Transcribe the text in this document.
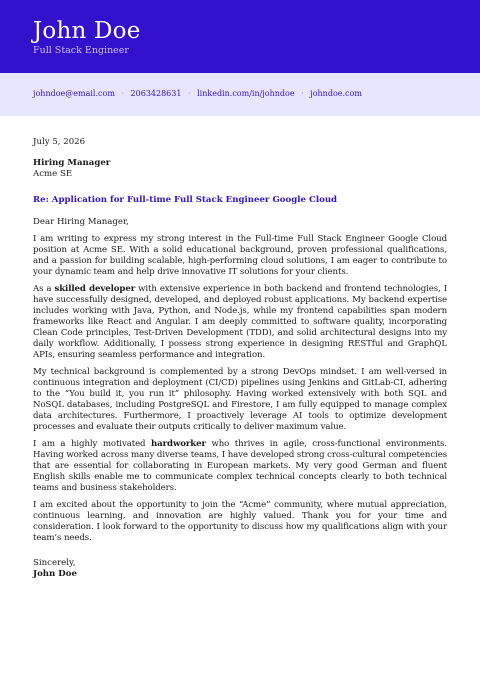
John Doe
Full Stack Engineer
johndoe@email.com · 2063428631 · linkedin.com/in/johndoe · johndoe.com
July 5, 2026
Hiring Manager
Acme SE
Re: Application for Full-time Full Stack Engineer Google Cloud
Dear Hiring Manager,

I am writing to express my strong interest in the Full-time Full Stack Engineer Google Cloud position at Acme SE. With a solid educational background, proven professional qualifications, and a passion for building scalable, high-performing cloud solutions, I am eager to contribute to your dynamic team and help drive innovative IT solutions for your clients.

As a skilled developer with extensive experience in both backend and frontend technologies, I have successfully designed, developed, and deployed robust applications. My backend expertise includes working with Java, Python, and Node.js, while my frontend capabilities span modern frameworks like React and Angular. I am deeply committed to software quality, incorporating Clean Code principles, Test-Driven Development (TDD), and solid architectural designs into my daily workflow. Additionally, I possess strong experience in designing RESTful and GraphQL APIs, ensuring seamless performance and integration.

My technical background is complemented by a strong DevOps mindset. I am well-versed in continuous integration and deployment (CI/CD) pipelines using Jenkins and GitLab-CI, adhering to the “You build it, you run it” philosophy. Having worked extensively with both SQL and NoSQL databases, including PostgreSQL and Firestore, I am fully equipped to manage complex data architectures. Furthermore, I proactively leverage AI tools to optimize development processes and evaluate their outputs critically to deliver maximum value.

I am a highly motivated hardworker who thrives in agile, cross-functional environments. Having worked across many diverse teams, I have developed strong cross-cultural competencies that are essential for collaborating in European markets. My very good German and fluent English skills enable me to communicate complex technical concepts clearly to both technical teams and business stakeholders.

I am excited about the opportunity to join the “Acme” community, where mutual appreciation, continuous learning, and innovation are highly valued. Thank you for your time and consideration. I look forward to the opportunity to discuss how my qualifications align with your team’s needs.

Sincerely,
John Doe
